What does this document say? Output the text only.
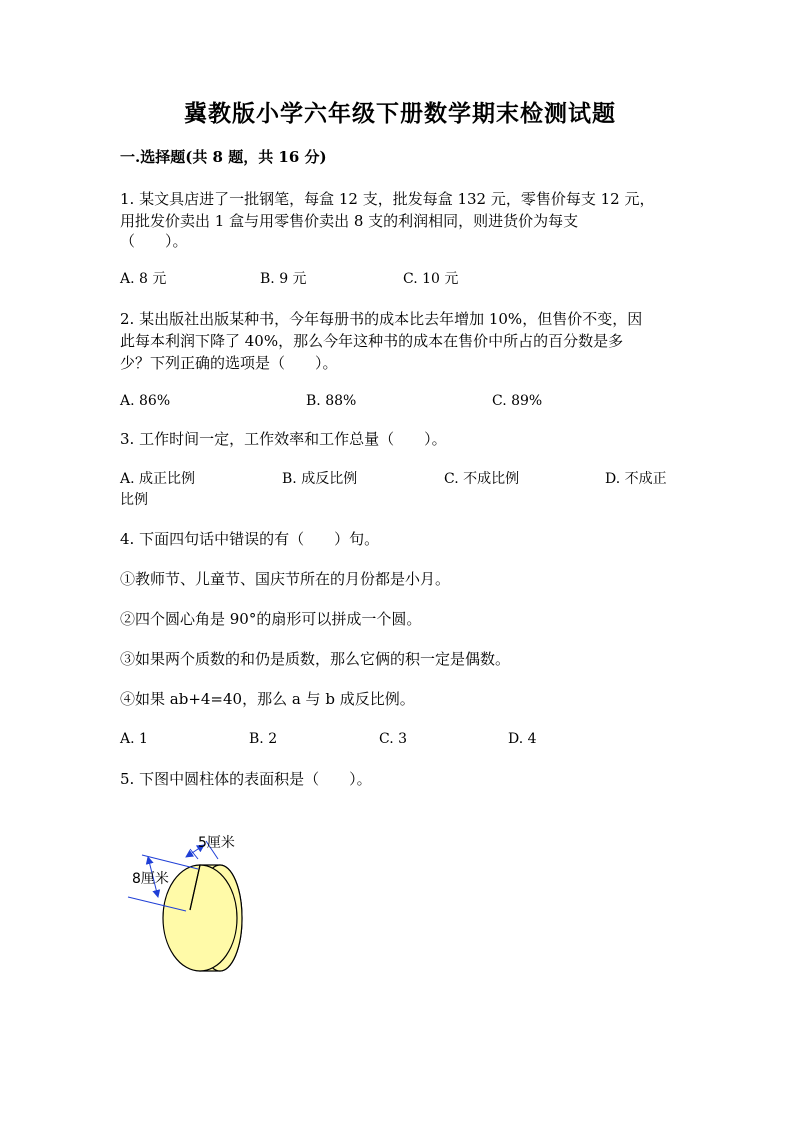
冀教版小学六年级下册数学期末检测试题
一.选择题(共 8 题，共 16 分)
1. 某文具店进了一批钢笔，每盒 12 支，批发每盒 132 元，零售价每支 12 元，
用批发价卖出 1 盒与用零售价卖出 8 支的利润相同，则进货价为每支
（　　）。
A. 8 元	B. 9 元	C. 10 元
2. 某出版社出版某种书，今年每册书的成本比去年增加 10%，但售价不变，因
此每本利润下降了 40%，那么今年这种书的成本在售价中所占的百分数是多
少？下列正确的选项是（　　）。
A. 86%	B. 88%	C. 89%
3. 工作时间一定，工作效率和工作总量（　　）。
A. 成正比例	B. 成反比例	C. 不成比例	D. 不成正
比例
4. 下面四句话中错误的有（　　）句。
①教师节、儿童节、国庆节所在的月份都是小月。
②四个圆心角是 90°的扇形可以拼成一个圆。
③如果两个质数的和仍是质数，那么它俩的积一定是偶数。
④如果 ab+4=40，那么 a 与 b 成反比例。
A. 1	B. 2	C. 3	D. 4
5. 下图中圆柱体的表面积是（　　）。
5厘米
8厘米
